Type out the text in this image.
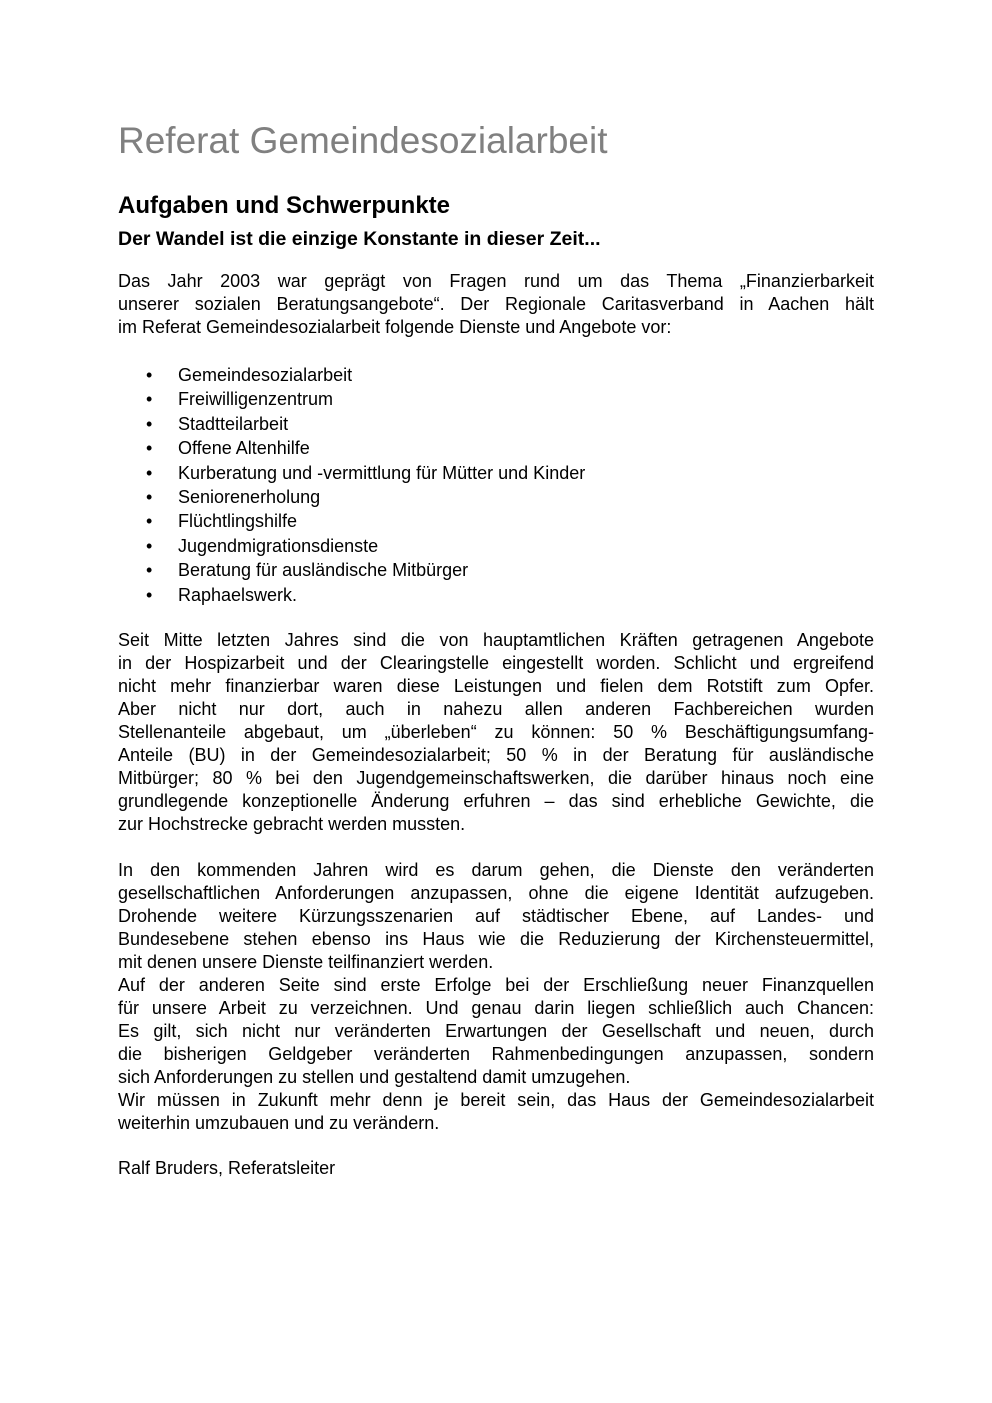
Referat Gemeindesozialarbeit
Aufgaben und Schwerpunkte
Der Wandel ist die einzige Konstante in dieser Zeit...

Das Jahr 2003 war geprägt von Fragen rund um das Thema „Finanzierbarkeit
unserer sozialen Beratungsangebote“. Der Regionale Caritasverband in Aachen hält
im Referat Gemeindesozialarbeit folgende Dienste und Angebote vor:

• Gemeindesozialarbeit
• Freiwilligenzentrum
• Stadtteilarbeit
• Offene Altenhilfe
• Kurberatung und -vermittlung für Mütter und Kinder
• Seniorenerholung
• Flüchtlingshilfe
• Jugendmigrationsdienste
• Beratung für ausländische Mitbürger
• Raphaelswerk.

Seit Mitte letzten Jahres sind die von hauptamtlichen Kräften getragenen Angebote
in der Hospizarbeit und der Clearingstelle eingestellt worden. Schlicht und ergreifend
nicht mehr finanzierbar waren diese Leistungen und fielen dem Rotstift zum Opfer.
Aber nicht nur dort, auch in nahezu allen anderen Fachbereichen wurden
Stellenanteile abgebaut, um „überleben“ zu können: 50 % Beschäftigungsumfang-
Anteile (BU) in der Gemeindesozialarbeit; 50 % in der Beratung für ausländische
Mitbürger; 80 % bei den Jugendgemeinschaftswerken, die darüber hinaus noch eine
grundlegende konzeptionelle Änderung erfuhren – das sind erhebliche Gewichte, die
zur Hochstrecke gebracht werden mussten.

In den kommenden Jahren wird es darum gehen, die Dienste den veränderten
gesellschaftlichen Anforderungen anzupassen, ohne die eigene Identität aufzugeben.
Drohende weitere Kürzungsszenarien auf städtischer Ebene, auf Landes- und
Bundesebene stehen ebenso ins Haus wie die Reduzierung der Kirchensteuermittel,
mit denen unsere Dienste teilfinanziert werden.
Auf der anderen Seite sind erste Erfolge bei der Erschließung neuer Finanzquellen
für unsere Arbeit zu verzeichnen. Und genau darin liegen schließlich auch Chancen:
Es gilt, sich nicht nur veränderten Erwartungen der Gesellschaft und neuen, durch
die bisherigen Geldgeber veränderten Rahmenbedingungen anzupassen, sondern
sich Anforderungen zu stellen und gestaltend damit umzugehen.
Wir müssen in Zukunft mehr denn je bereit sein, das Haus der Gemeindesozialarbeit
weiterhin umzubauen und zu verändern.

Ralf Bruders, Referatsleiter
